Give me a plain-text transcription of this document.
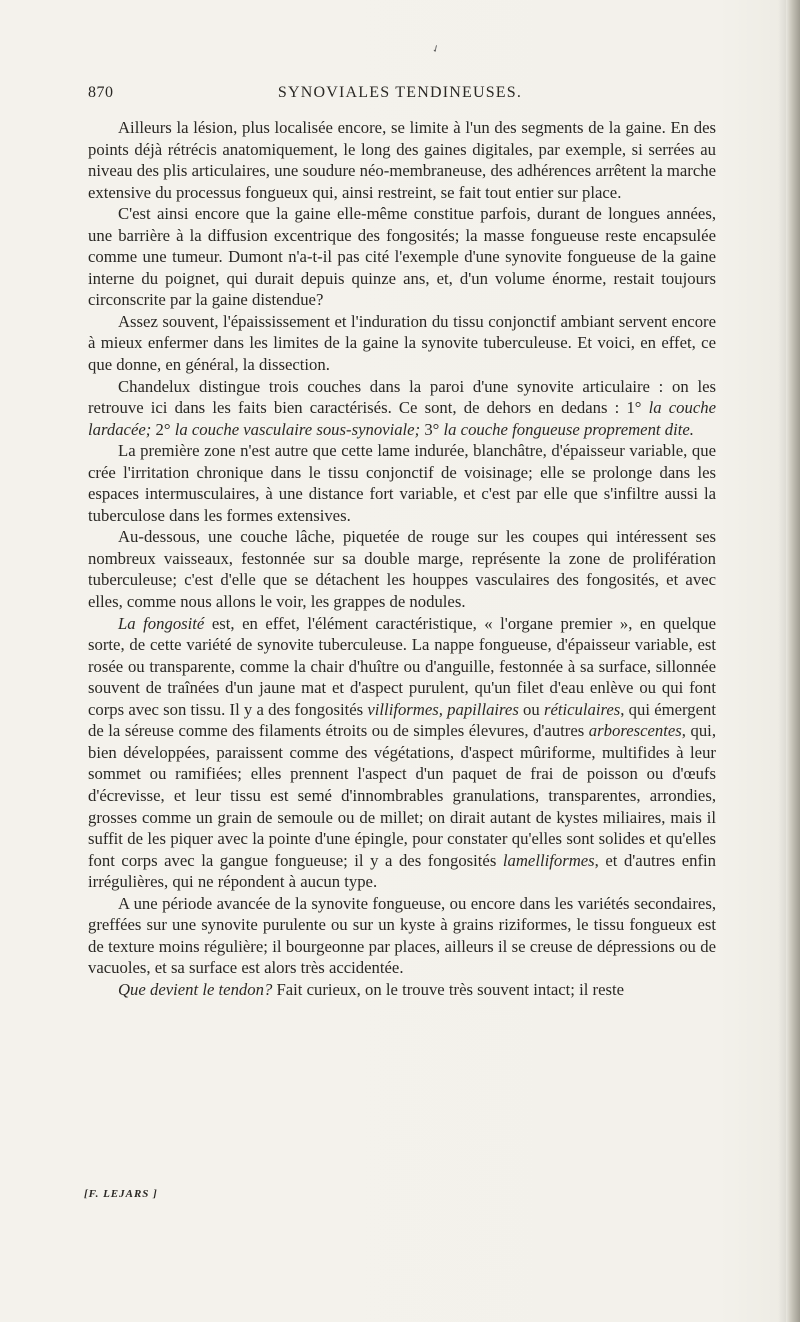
✓
870	SYNOVIALES TENDINEUSES.

Ailleurs la lésion, plus localisée encore, se limite à l'un des segments de la gaine. En des points déjà rétrécis anatomiquement, le long des gaines digitales, par exemple, si serrées au niveau des plis articulaires, une soudure néo-membraneuse, des adhérences arrêtent la marche extensive du processus fongueux qui, ainsi restreint, se fait tout entier sur place.

C'est ainsi encore que la gaine elle-même constitue parfois, durant de longues années, une barrière à la diffusion excentrique des fongosités; la masse fongueuse reste encapsulée comme une tumeur. Dumont n'a-t-il pas cité l'exemple d'une synovite fongueuse de la gaine interne du poignet, qui durait depuis quinze ans, et, d'un volume énorme, restait toujours circonscrite par la gaine distendue?

Assez souvent, l'épaississement et l'induration du tissu conjonctif ambiant servent encore à mieux enfermer dans les limites de la gaine la synovite tuberculeuse. Et voici, en effet, ce que donne, en général, la dissection.

Chandelux distingue trois couches dans la paroi d'une synovite articulaire : on les retrouve ici dans les faits bien caractérisés. Ce sont, de dehors en dedans : 1° la couche lardacée; 2° la couche vasculaire sous-synoviale; 3° la couche fongueuse proprement dite.

La première zone n'est autre que cette lame indurée, blanchâtre, d'épaisseur variable, que crée l'irritation chronique dans le tissu conjonctif de voisinage; elle se prolonge dans les espaces intermusculaires, à une distance fort variable, et c'est par elle que s'infiltre aussi la tuberculose dans les formes extensives.

Au-dessous, une couche lâche, piquetée de rouge sur les coupes qui intéressent ses nombreux vaisseaux, festonnée sur sa double marge, représente la zone de prolifération tuberculeuse; c'est d'elle que se détachent les houppes vasculaires des fongosités, et avec elles, comme nous allons le voir, les grappes de nodules.

La fongosité est, en effet, l'élément caractéristique, « l'organe premier », en quelque sorte, de cette variété de synovite tuberculeuse. La nappe fongueuse, d'épaisseur variable, est rosée ou transparente, comme la chair d'huître ou d'anguille, festonnée à sa surface, sillonnée souvent de traînées d'un jaune mat et d'aspect purulent, qu'un filet d'eau enlève ou qui font corps avec son tissu. Il y a des fongosités villiformes, papillaires ou réticulaires, qui émergent de la séreuse comme des filaments étroits ou de simples élevures, d'autres arborescentes, qui, bien développées, paraissent comme des végétations, d'aspect mûriforme, multifides à leur sommet ou ramifiées; elles prennent l'aspect d'un paquet de frai de poisson ou d'œufs d'écrevisse, et leur tissu est semé d'innombrables granulations, transparentes, arrondies, grosses comme un grain de semoule ou de millet; on dirait autant de kystes miliaires, mais il suffit de les piquer avec la pointe d'une épingle, pour constater qu'elles sont solides et qu'elles font corps avec la gangue fongueuse; il y a des fongosités lamelliformes, et d'autres enfin irrégulières, qui ne répondent à aucun type.

A une période avancée de la synovite fongueuse, ou encore dans les variétés secondaires, greffées sur une synovite purulente ou sur un kyste à grains riziformes, le tissu fongueux est de texture moins régulière; il bourgeonne par places, ailleurs il se creuse de dépressions ou de vacuoles, et sa surface est alors très accidentée.

Que devient le tendon? Fait curieux, on le trouve très souvent intact; il reste

[F. LEJARS ]
